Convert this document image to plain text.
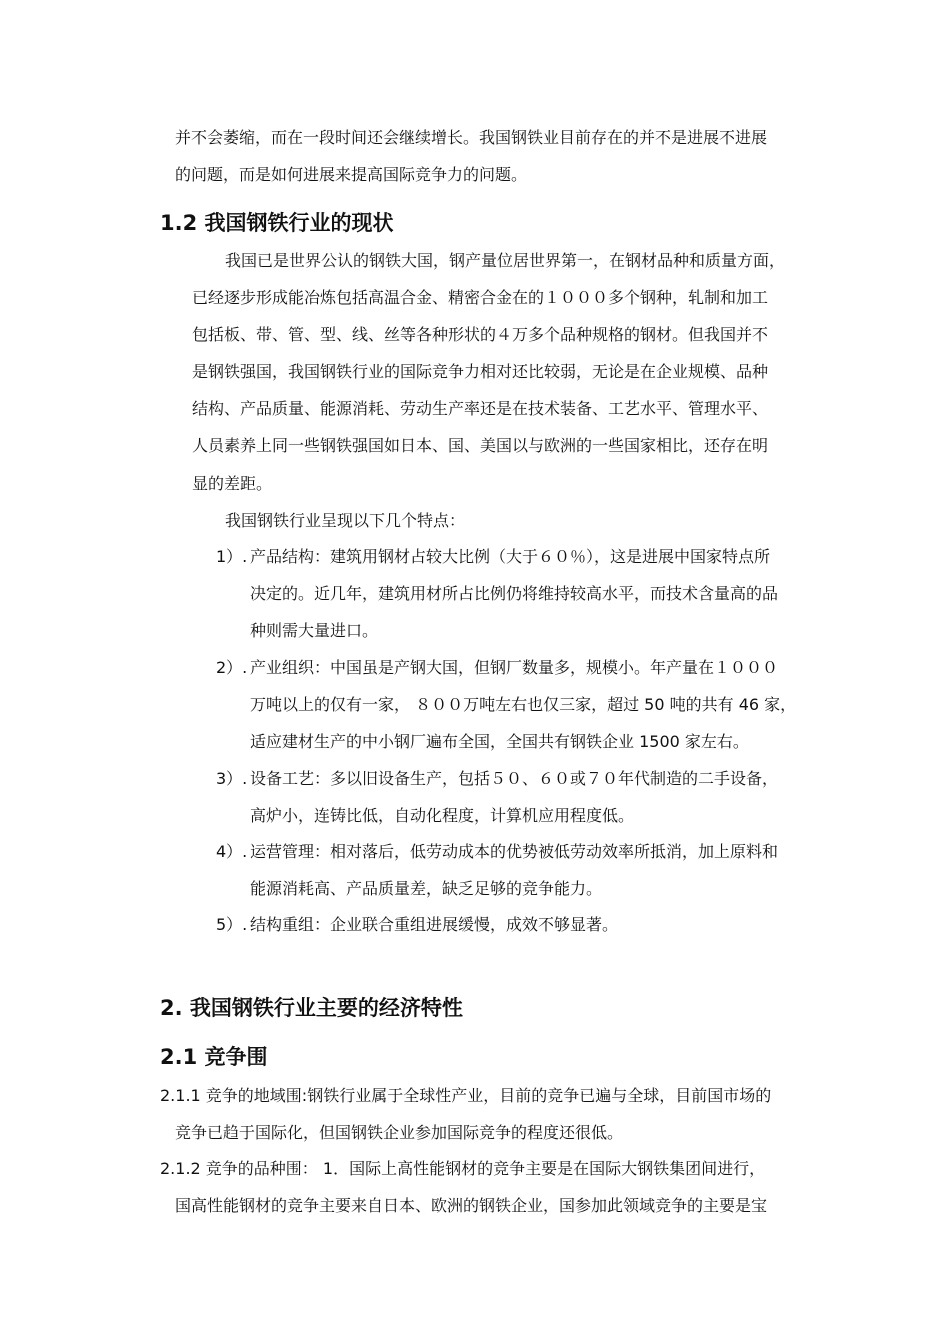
并不会萎缩，而在一段时间还会继续增长。我国钢铁业目前存在的并不是进展不进展
的问题，而是如何进展来提高国际竞争力的问题。
1.2 我国钢铁行业的现状
我国已是世界公认的钢铁大国，钢产量位居世界第一，在钢材品种和质量方面，
已经逐步形成能冶炼包括高温合金、精密合金在的１０００多个钢种，轧制和加工
包括板、带、管、型、线、丝等各种形状的４万多个品种规格的钢材。但我国并不
是钢铁强国，我国钢铁行业的国际竞争力相对还比较弱，无论是在企业规模、品种
结构、产品质量、能源消耗、劳动生产率还是在技术装备、工艺水平、管理水平、
人员素养上同一些钢铁强国如日本、国、美国以与欧洲的一些国家相比，还存在明
显的差距。
我国钢铁行业呈现以下几个特点：
1）. 产品结构：建筑用钢材占较大比例（大于６０％），这是进展中国家特点所
决定的。近几年，建筑用材所占比例仍将维持较高水平，而技术含量高的品
种则需大量进口。
2）. 产业组织：中国虽是产钢大国，但钢厂数量多，规模小。年产量在１０００
万吨以上的仅有一家， ８００万吨左右也仅三家，超过 50 吨的共有 46 家，
适应建材生产的中小钢厂遍布全国，全国共有钢铁企业 1500 家左右。
3）. 设备工艺：多以旧设备生产，包括５０、６０或７０年代制造的二手设备，
高炉小，连铸比低，自动化程度，计算机应用程度低。
4）. 运营管理：相对落后，低劳动成本的优势被低劳动效率所抵消，加上原料和
能源消耗高、产品质量差，缺乏足够的竞争能力。
5）. 结构重组：企业联合重组进展缓慢，成效不够显著。
2. 我国钢铁行业主要的经济特性
2.1 竞争围
2.1.1 竞争的地域围:钢铁行业属于全球性产业，目前的竞争已遍与全球，目前国市场的
竞争已趋于国际化，但国钢铁企业参加国际竞争的程度还很低。
2.1.2 竞争的品种围： 1．国际上高性能钢材的竞争主要是在国际大钢铁集团间进行，
国高性能钢材的竞争主要来自日本、欧洲的钢铁企业，国参加此领域竞争的主要是宝
